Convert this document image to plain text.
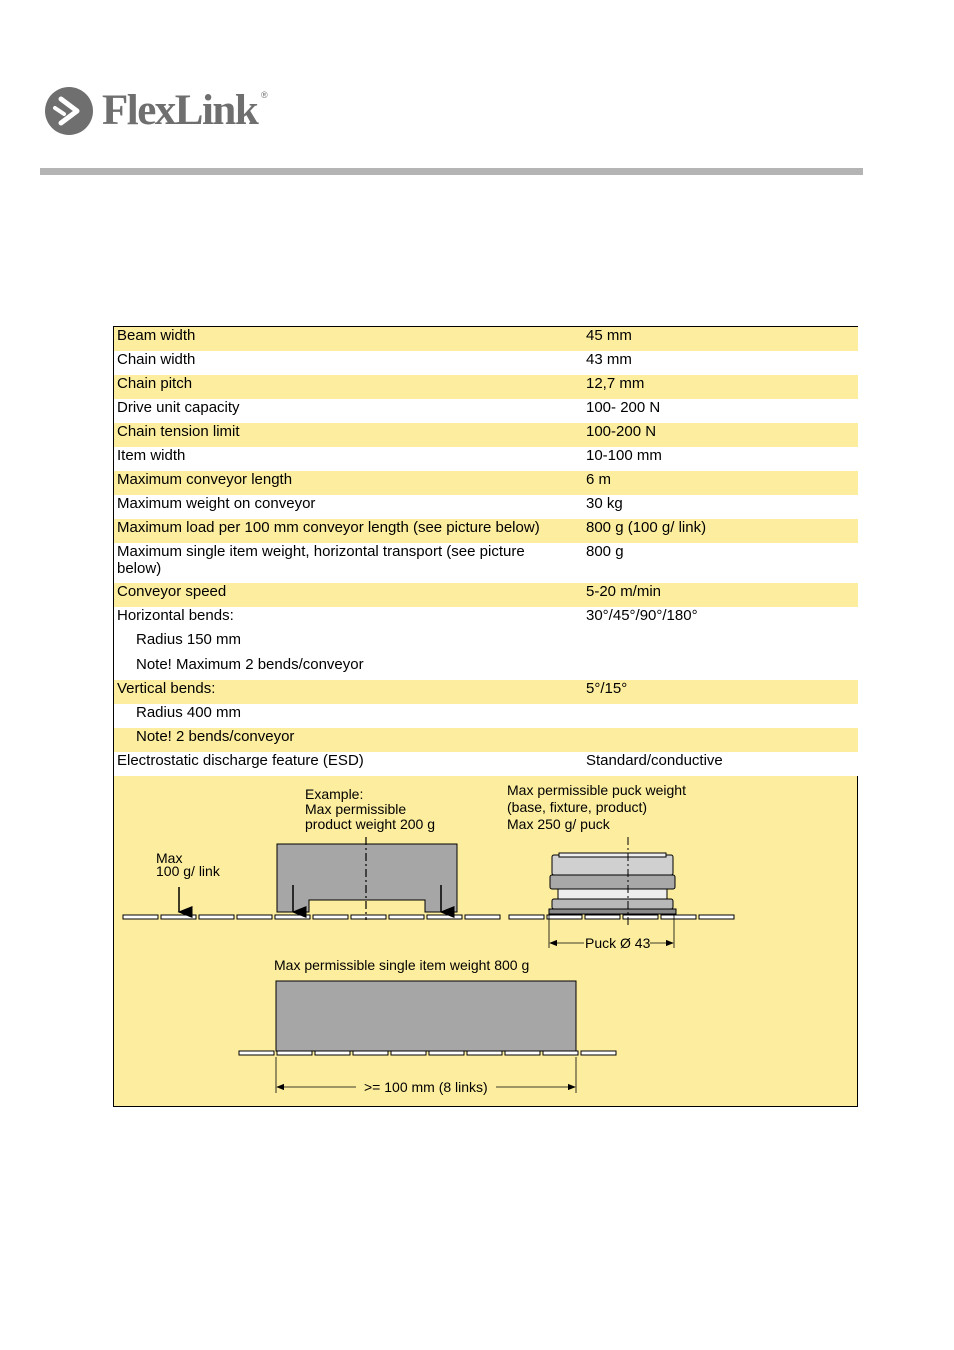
FlexLink ®
Beam width	45 mm
Chain width	43 mm
Chain pitch	12,7 mm
Drive unit capacity	100- 200 N
Chain tension limit	100-200 N
Item width	10-100 mm
Maximum conveyor length	6 m
Maximum weight on conveyor	30 kg
Maximum load per 100 mm conveyor length (see picture below)	800 g (100 g/ link)
Maximum single item weight, horizontal transport (see picture below)
800 g
Conveyor speed	5-20 m/min
Horizontal bends:	30°/45°/90°/180°
Radius 150 mm
Note! Maximum 2 bends/conveyor
Vertical bends:	5°/15°
Radius 400 mm
Note! 2 bends/conveyor
Electrostatic discharge feature (ESD)	Standard/conductive
Example:
Max permissible
product weight 200 g
Max
100 g/ link
Max permissible puck weight
(base, fixture, product)
Max 250 g/ puck
Puck Ø 43
Max permissible single item weight 800 g
>= 100 mm (8 links)
